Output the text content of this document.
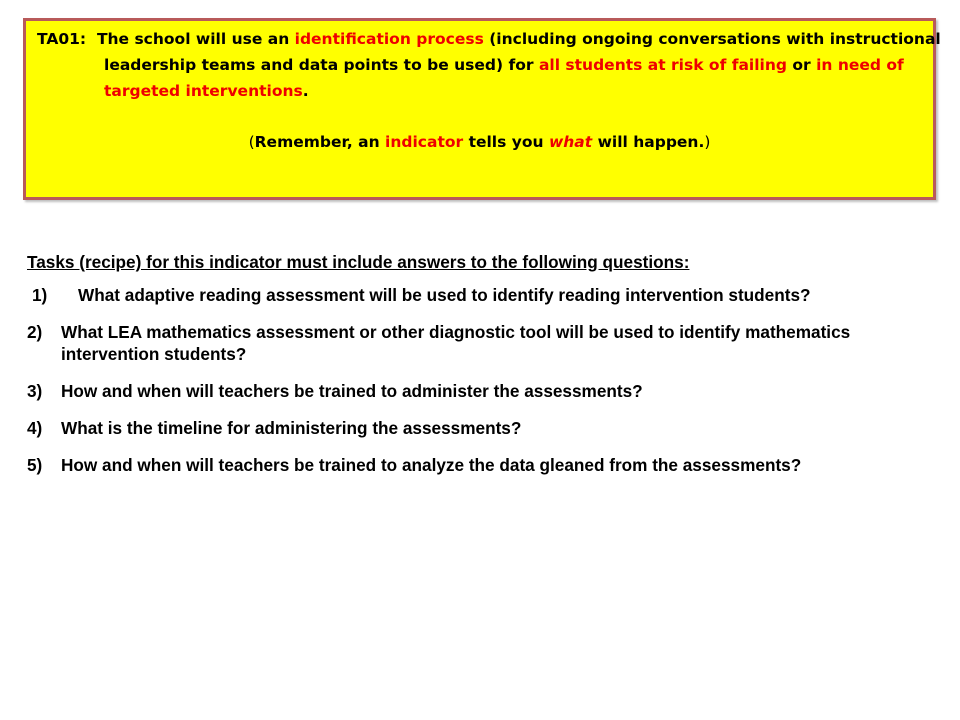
TA01: The school will use an identification process (including ongoing conversations with instructional leadership teams and data points to be used) for all students at risk of failing or in need of targeted interventions.

(Remember, an indicator tells you what will happen.)

Tasks (recipe) for this indicator must include answers to the following questions:

1)	What adaptive reading assessment will be used to identify reading intervention students?
2) What LEA mathematics assessment or other diagnostic tool will be used to identify mathematics intervention students?
3) How and when will teachers be trained to administer the assessments?
4) What is the timeline for administering the assessments?
5) How and when will teachers be trained to analyze the data gleaned from the assessments?
